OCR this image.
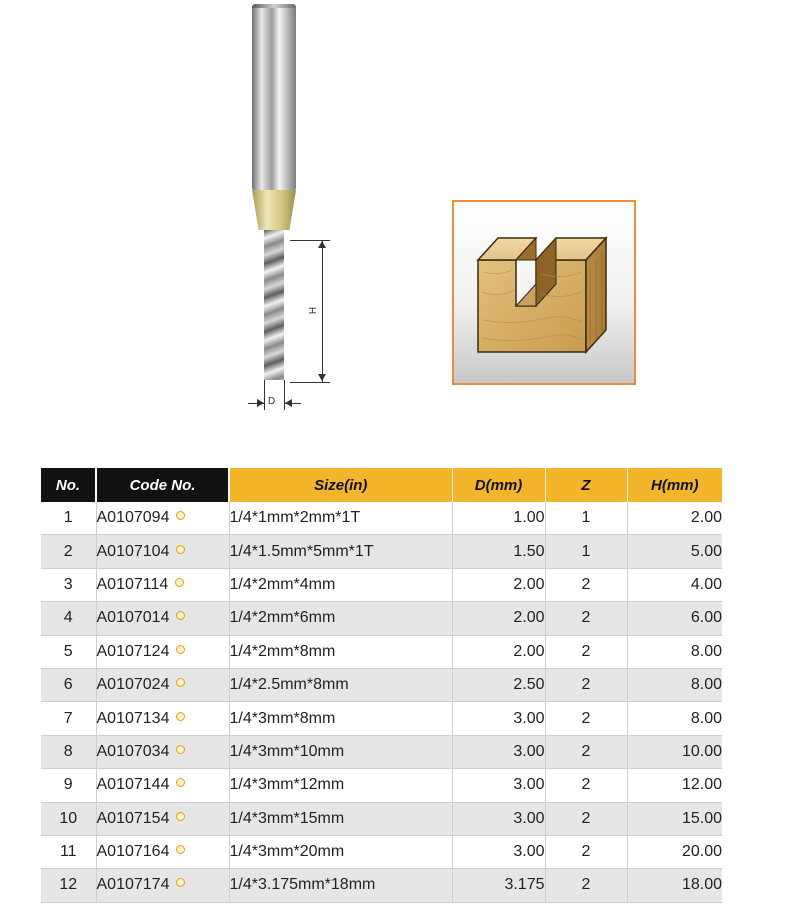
H
D
No.	Code No.	Size(in)	D(mm)	Z	H(mm)
1	A0107094	1/4*1mm*2mm*1T	1.00	1	2.00
2	A0107104	1/4*1.5mm*5mm*1T	1.50	1	5.00
3	A0107114	1/4*2mm*4mm	2.00	2	4.00
4	A0107014	1/4*2mm*6mm	2.00	2	6.00
5	A0107124	1/4*2mm*8mm	2.00	2	8.00
6	A0107024	1/4*2.5mm*8mm	2.50	2	8.00
7	A0107134	1/4*3mm*8mm	3.00	2	8.00
8	A0107034	1/4*3mm*10mm	3.00	2	10.00
9	A0107144	1/4*3mm*12mm	3.00	2	12.00
10	A0107154	1/4*3mm*15mm	3.00	2	15.00
11	A0107164	1/4*3mm*20mm	3.00	2	20.00
12	A0107174	1/4*3.175mm*18mm	3.175	2	18.00
